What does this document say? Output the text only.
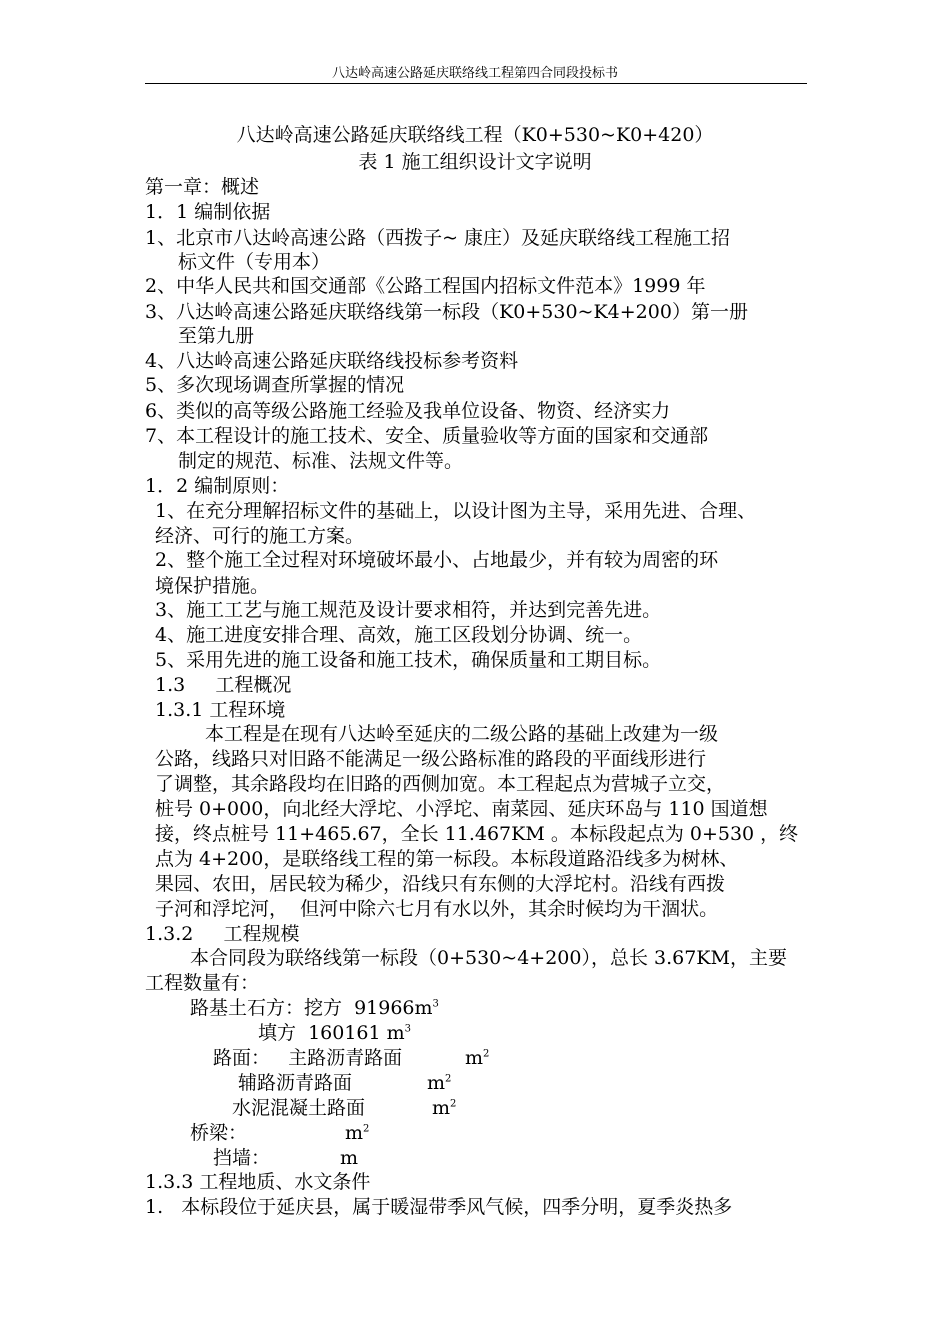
八达岭高速公路延庆联络线工程第四合同段投标书
八达岭高速公路延庆联络线工程（K0+530~K0+420）
表 1 施工组织设计文字说明
第一章：概述
1．1 编制依据
1、北京市八达岭高速公路（西拨子~ 康庄）及延庆联络线工程施工招
标文件（专用本）
2、中华人民共和国交通部《公路工程国内招标文件范本》1999 年
3、八达岭高速公路延庆联络线第一标段（K0+530~K4+200）第一册
至第九册
4、八达岭高速公路延庆联络线投标参考资料
5、多次现场调查所掌握的情况
6、类似的高等级公路施工经验及我单位设备、物资、经济实力
7、本工程设计的施工技术、安全、质量验收等方面的国家和交通部
制定的规范、标准、法规文件等。
1．2 编制原则：
1、在充分理解招标文件的基础上，以设计图为主导，采用先进、合理、
经济、可行的施工方案。
2、整个施工全过程对环境破坏最小、占地最少，并有较为周密的环
境保护措施。
3、施工工艺与施工规范及设计要求相符，并达到完善先进。
4、施工进度安排合理、高效，施工区段划分协调、统一。
5、采用先进的施工设备和施工技术，确保质量和工期目标。
1.3     工程概况
1.3.1 工程环境
本工程是在现有八达岭至延庆的二级公路的基础上改建为一级
公路，线路只对旧路不能满足一级公路标准的路段的平面线形进行
了调整，其余路段均在旧路的西侧加宽。本工程起点为营城子立交，
桩号 0+000，向北经大浮坨、小浮坨、南菜园、延庆环岛与 110 国道想
接，终点桩号 11+465.67，全长 11.467KM 。本标段起点为 0+530 ，终
点为 4+200，是联络线工程的第一标段。本标段道路沿线多为树林、
果园、农田，居民较为稀少，沿线只有东侧的大浮坨村。沿线有西拨
子河和浮坨河，  但河中除六七月有水以外，其余时候均为干涸状。
1.3.2     工程规模
本合同段为联络线第一标段（0+530~4+200），总长 3.67KM，主要
工程数量有：
路基土石方：挖方  $91966m^3$
填方  160161 $m^3$
路面：   主路沥青路面	$m^2$
辅路沥青路面	$m^2$
水泥混凝土路面	$m^2$
桥梁：	$m^2$
挡墙：	m
1.3.3 工程地质、水文条件
1.   本标段位于延庆县，属于暖湿带季风气候，四季分明，夏季炎热多
